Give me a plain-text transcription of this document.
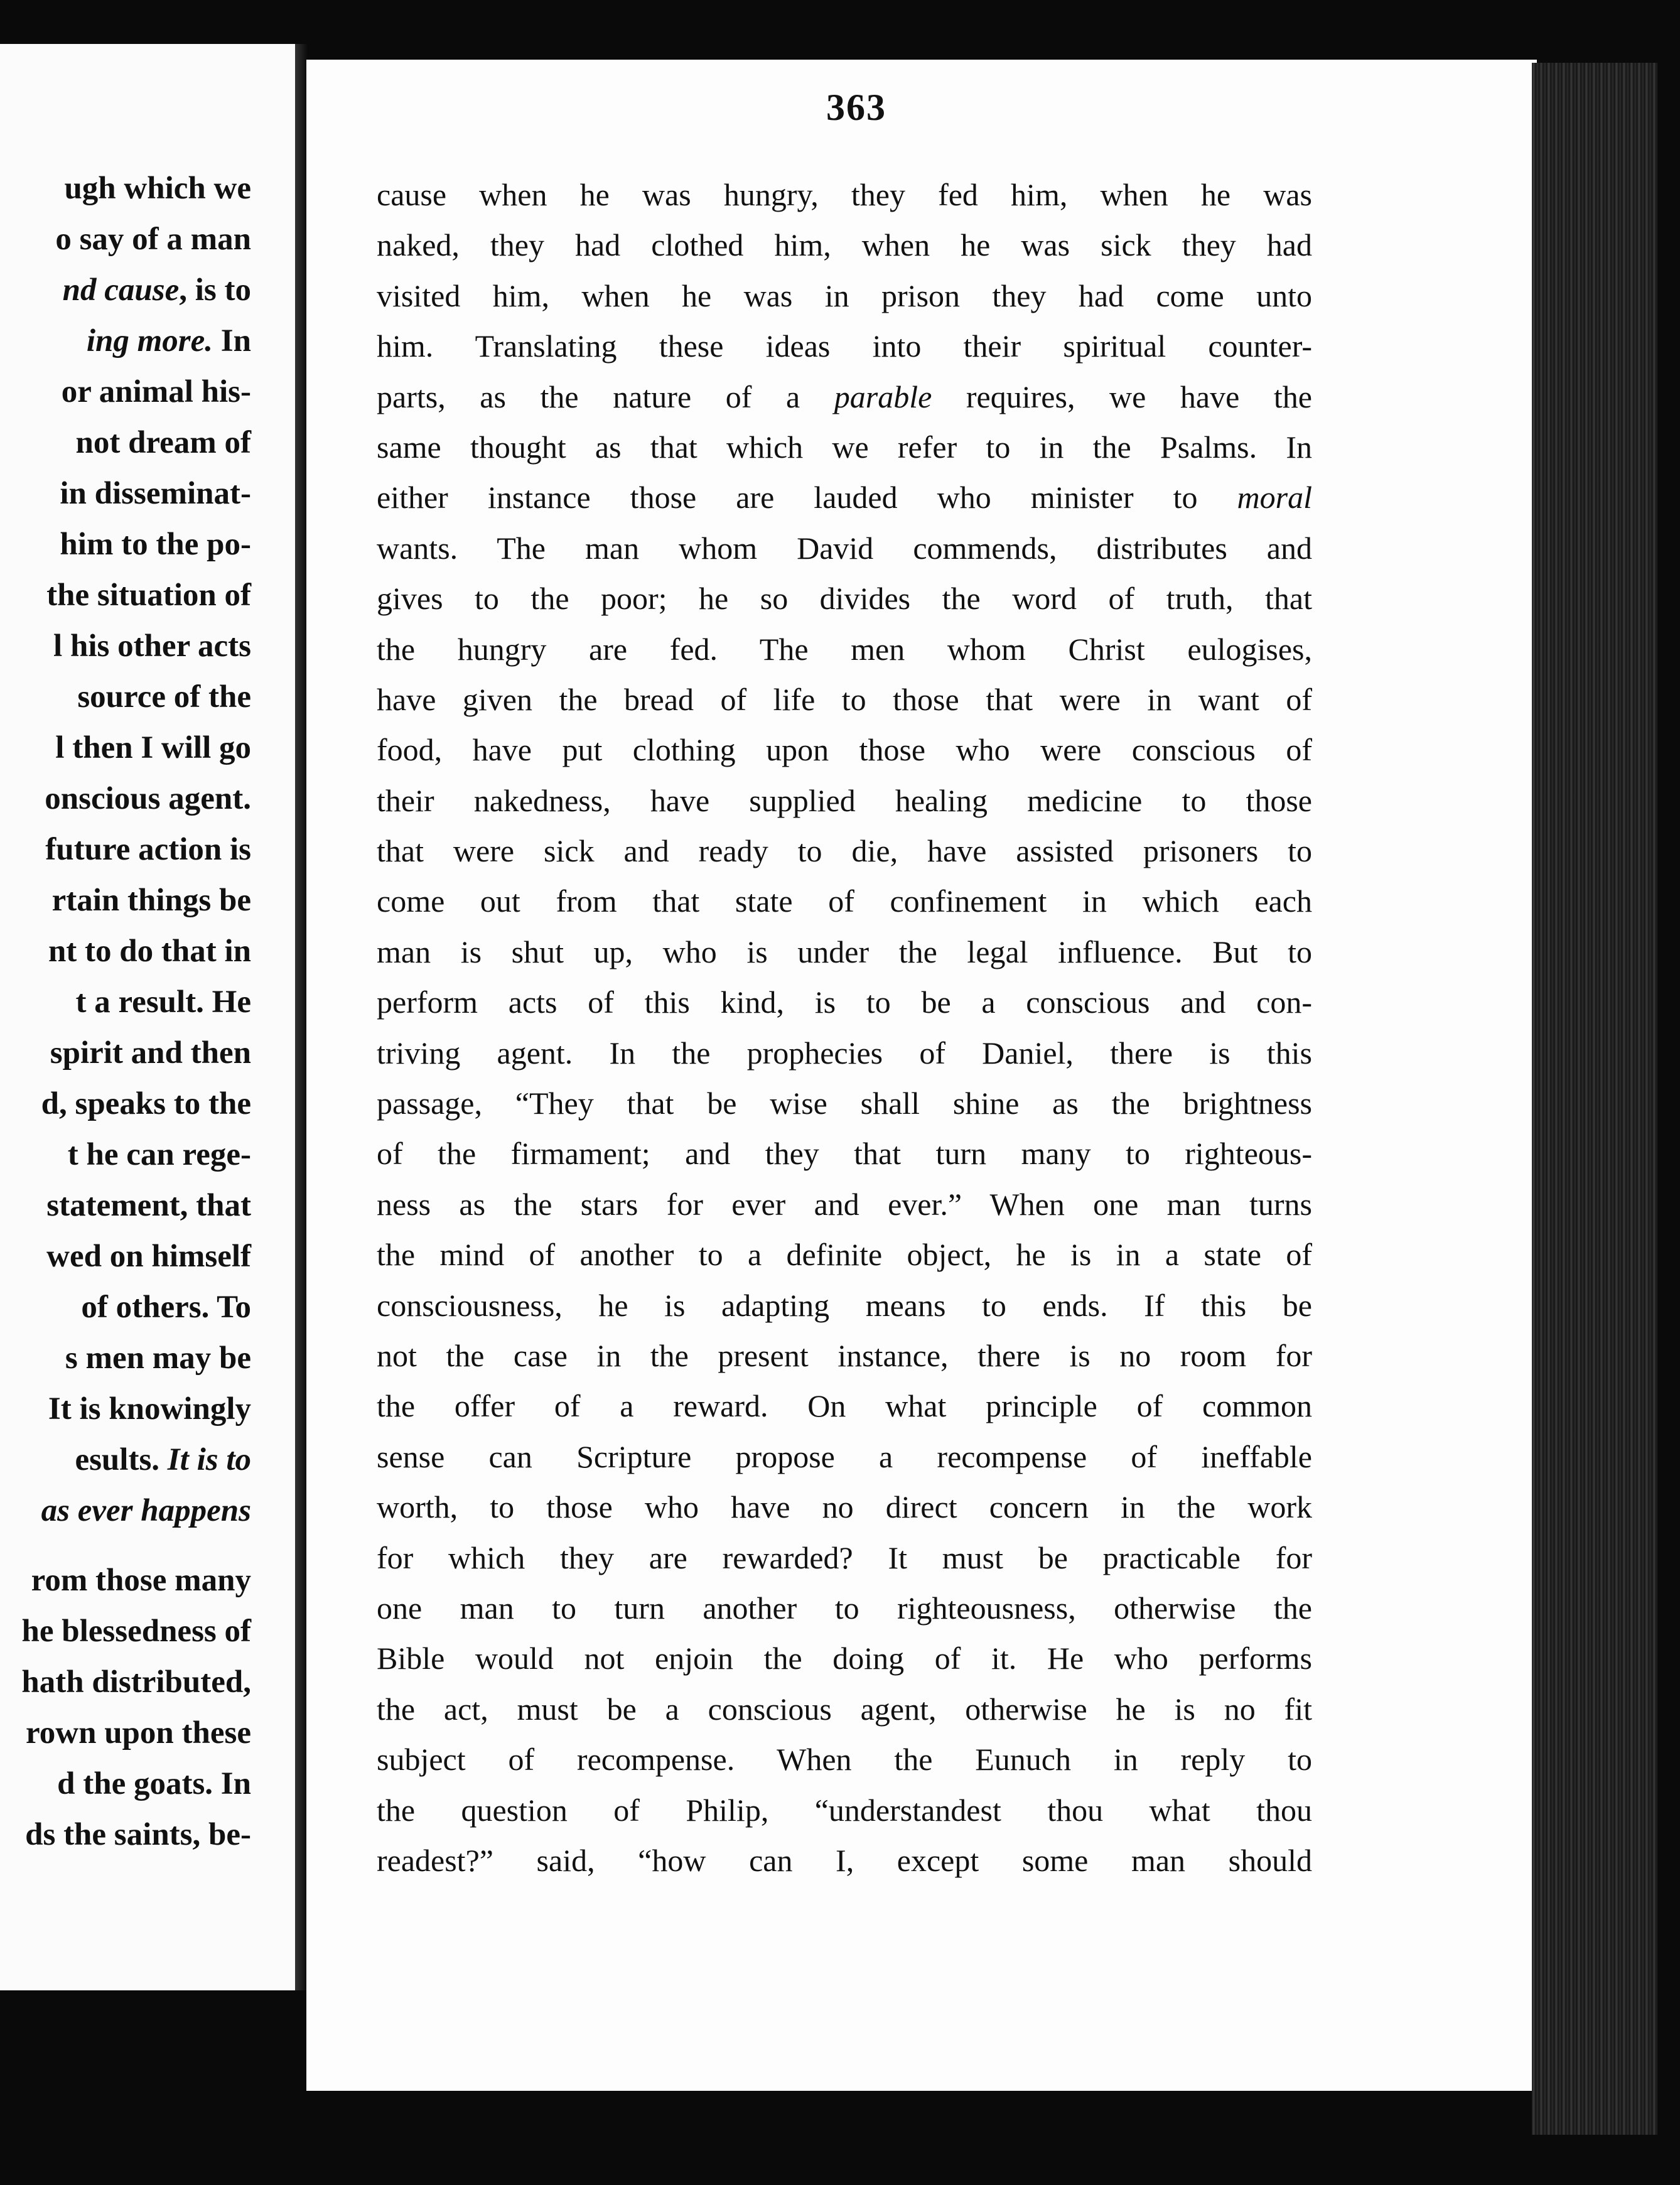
ugh which we
o say of a man
nd cause, is to
ing more. In
or animal his-
not dream of
in disseminat-
him to the po-
the situation of
l his other acts
source of the
l then I will go
onscious agent.
future action is
rtain things be
nt to do that in
t a result. He
spirit and then
d, speaks to the
t he can rege-
statement, that
wed on himself
of others. To
s men may be
It is knowingly
esults. It is to
as ever happens
rom those many
he blessedness of
hath distributed,
rown upon these
d the goats. In
ds the saints, be-
363
cause when he was hungry, they fed him, when he was
naked, they had clothed him, when he was sick they had
visited him, when he was in prison they had come unto
him. Translating these ideas into their spiritual counter-
parts, as the nature of a parable requires, we have the
same thought as that which we refer to in the Psalms. In
either instance those are lauded who minister to moral
wants. The man whom David commends, distributes and
gives to the poor; he so divides the word of truth, that
the hungry are fed. The men whom Christ eulogises,
have given the bread of life to those that were in want of
food, have put clothing upon those who were conscious of
their nakedness, have supplied healing medicine to those
that were sick and ready to die, have assisted prisoners to
come out from that state of confinement in which each
man is shut up, who is under the legal influence. But to
perform acts of this kind, is to be a conscious and con-
triving agent. In the prophecies of Daniel, there is this
passage, “They that be wise shall shine as the brightness
of the firmament; and they that turn many to righteous-
ness as the stars for ever and ever.” When one man turns
the mind of another to a definite object, he is in a state of
consciousness, he is adapting means to ends. If this be
not the case in the present instance, there is no room for
the offer of a reward. On what principle of common
sense can Scripture propose a recompense of ineffable
worth, to those who have no direct concern in the work
for which they are rewarded? It must be practicable for
one man to turn another to righteousness, otherwise the
Bible would not enjoin the doing of it. He who performs
the act, must be a conscious agent, otherwise he is no fit
subject of recompense. When the Eunuch in reply to
the question of Philip, “understandest thou what thou
readest?” said, “how can I, except some man should
